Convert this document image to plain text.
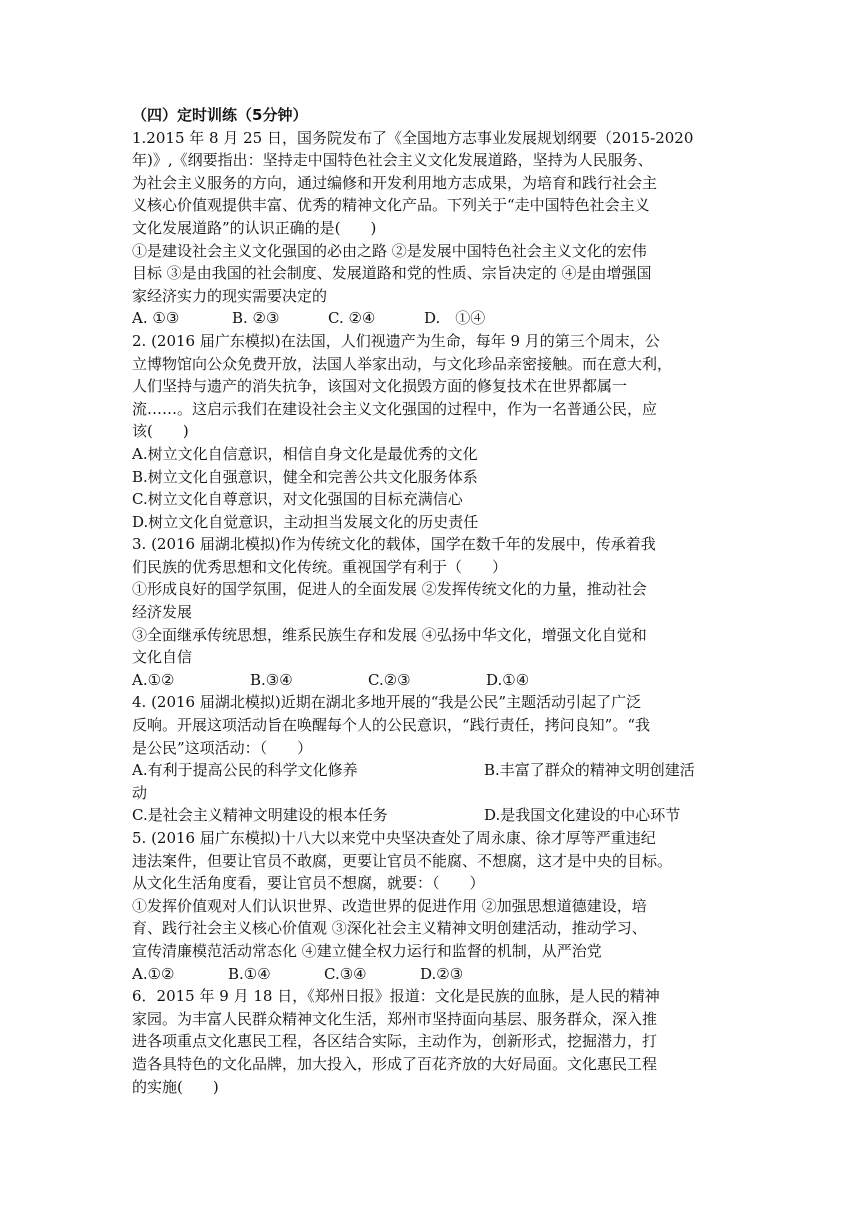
（四）定时训练（5分钟）
1.2015 年 8 月 25 日，国务院发布了《全国地方志事业发展规划纲要（2015-2020
年)》,《纲要指出：坚持走中国特色社会主义文化发展道路，坚持为人民服务、
为社会主义服务的方向，通过编修和开发利用地方志成果，为培育和践行社会主
义核心价值观提供丰富、优秀的精神文化产品。下列关于“走中国特色社会主义
文化发展道路”的认识正确的是(　　)
①是建设社会主义文化强国的必由之路 ②是发展中国特色社会主义文化的宏伟
目标 ③是由我国的社会制度、发展道路和党的性质、宗旨决定的 ④是由增强国
家经济实力的现实需要决定的
A. ①③	B. ②③	C. ②④	D.　①④
2. (2016 届广东模拟)在法国，人们视遗产为生命，每年 9 月的第三个周末，公
立博物馆向公众免费开放，法国人举家出动，与文化珍品亲密接触。而在意大利，
人们坚持与遗产的消失抗争，该国对文化损毁方面的修复技术在世界都属一
流……。这启示我们在建设社会主义文化强国的过程中，作为一名普通公民，应
该(　　)
A.树立文化自信意识，相信自身文化是最优秀的文化
B.树立文化自强意识，健全和完善公共文化服务体系
C.树立文化自尊意识，对文化强国的目标充满信心
D.树立文化自觉意识，主动担当发展文化的历史责任
3. (2016 届湖北模拟)作为传统文化的载体，国学在数千年的发展中，传承着我
们民族的优秀思想和文化传统。重视国学有利于（　　）
①形成良好的国学氛围，促进人的全面发展 ②发挥传统文化的力量，推动社会
经济发展
③全面继承传统思想，维系民族生存和发展 ④弘扬中华文化，增强文化自觉和
文化自信
A.①②	B.③④	C.②③	D.①④
4. (2016 届湖北模拟)近期在湖北多地开展的“我是公民”主题活动引起了广泛
反响。开展这项活动旨在唤醒每个人的公民意识，“践行责任，拷问良知”。“我
是公民”这项活动：（　　）
A.有利于提高公民的科学文化修养	B.丰富了群众的精神文明创建活
动
C.是社会主义精神文明建设的根本任务	D.是我国文化建设的中心环节
5. (2016 届广东模拟)十八大以来党中央坚决查处了周永康、徐才厚等严重违纪
违法案件，但要让官员不敢腐，更要让官员不能腐、不想腐，这才是中央的目标。
从文化生活角度看，要让官员不想腐，就要：（　　）
①发挥价值观对人们认识世界、改造世界的促进作用 ②加强思想道德建设，培
育、践行社会主义核心价值观 ③深化社会主义精神文明创建活动，推动学习、
宣传清廉模范活动常态化 ④建立健全权力运行和监督的机制，从严治党
A.①②	B.①④	C.③④	D.②③
6．2015 年 9 月 18 日，《郑州日报》报道：文化是民族的血脉，是人民的精神
家园。为丰富人民群众精神文化生活，郑州市坚持面向基层、服务群众，深入推
进各项重点文化惠民工程，各区结合实际，主动作为，创新形式，挖掘潜力，打
造各具特色的文化品牌，加大投入，形成了百花齐放的大好局面。文化惠民工程
的实施(　　)
